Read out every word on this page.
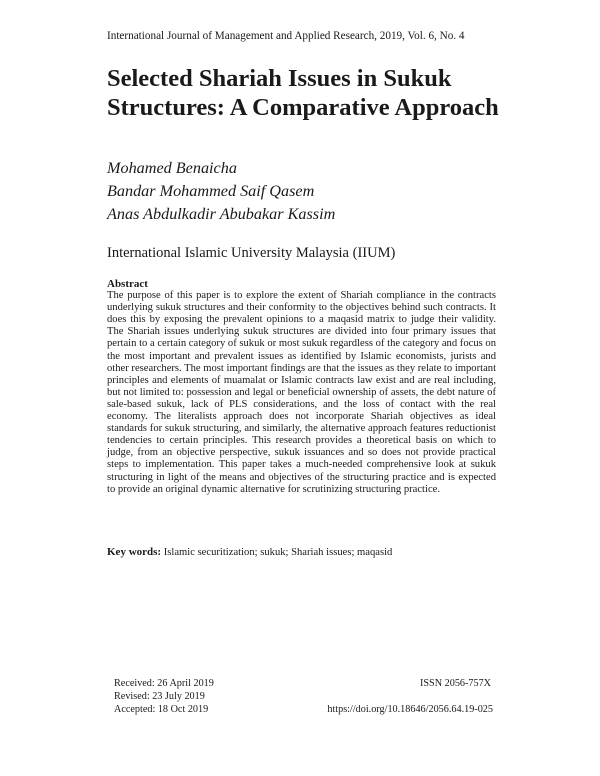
International Journal of Management and Applied Research, 2019, Vol. 6, No. 4
Selected Shariah Issues in Sukuk Structures: A Comparative Approach
Mohamed Benaicha
Bandar Mohammed Saif Qasem
Anas Abdulkadir Abubakar Kassim
International Islamic University Malaysia (IIUM)
Abstract

The purpose of this paper is to explore the extent of Shariah compliance in the contracts underlying sukuk structures and their conformity to the objectives behind such contracts. It does this by exposing the prevalent opinions to a maqasid matrix to judge their validity. The Shariah issues underlying sukuk structures are divided into four primary issues that pertain to a certain category of sukuk or most sukuk regardless of the category and focus on the most important and prevalent issues as identified by Islamic economists, jurists and other researchers. The most important findings are that the issues as they relate to important principles and elements of muamalat or Islamic contracts law exist and are real including, but not limited to: possession and legal or beneficial ownership of assets, the debt nature of sale-based sukuk, lack of PLS considerations, and the loss of contact with the real economy. The literalists approach does not incorporate Shariah objectives as ideal standards for sukuk structuring, and similarly, the alternative approach features reductionist tendencies to certain principles. This research provides a theoretical basis on which to judge, from an objective perspective, sukuk issuances and so does not provide practical steps to implementation. This paper takes a much-needed comprehensive look at sukuk structuring in light of the means and objectives of the structuring practice and is expected to provide an original dynamic alternative for scrutinizing structuring practice.

Key words: Islamic securitization; sukuk; Shariah issues; maqasid
Received: 26 April 2019
Revised: 23 July 2019
Accepted: 18 Oct 2019
ISSN 2056-757X
https://doi.org/10.18646/2056.64.19-025
